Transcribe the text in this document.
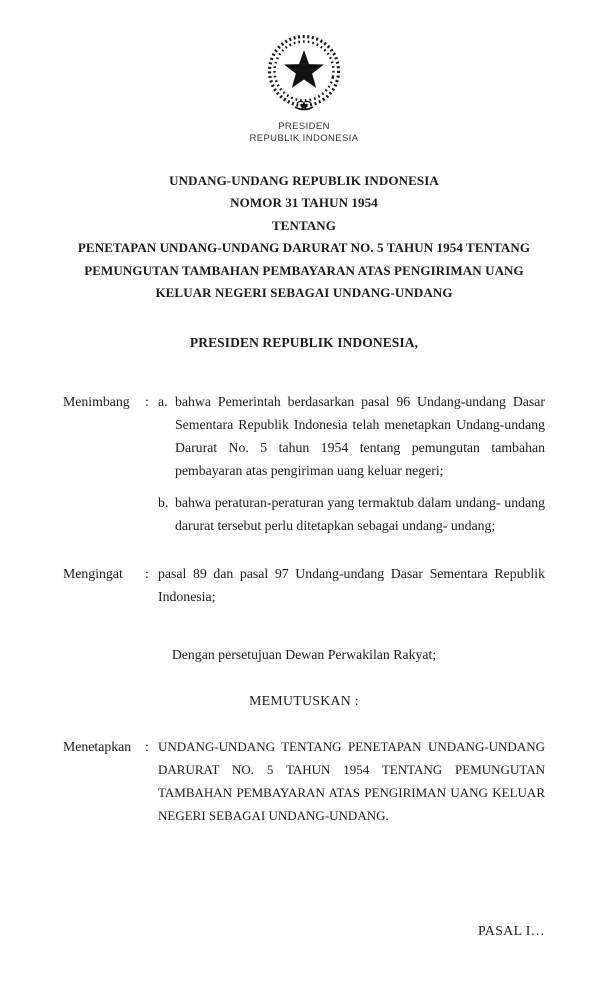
PRESIDEN
REPUBLIK INDONESIA
UNDANG-UNDANG REPUBLIK INDONESIA
NOMOR 31 TAHUN 1954
TENTANG
PENETAPAN UNDANG-UNDANG DARURAT NO. 5 TAHUN 1954 TENTANG
PEMUNGUTAN TAMBAHAN PEMBAYARAN ATAS PENGIRIMAN UANG
KELUAR NEGERI SEBAGAI UNDANG-UNDANG
PRESIDEN REPUBLIK INDONESIA,
Menimbang	: a. bahwa Pemerintah berdasarkan pasal 96 Undang-undang Dasar Sementara Republik Indonesia telah menetapkan Undang-undang Darurat No. 5 tahun 1954 tentang pemungutan tambahan pembayaran atas pengiriman uang keluar negeri;
b. bahwa peraturan-peraturan yang termaktub dalam undang- undang darurat tersebut perlu ditetapkan sebagai undang- undang;
Mengingat	: pasal 89 dan pasal 97 Undang-undang Dasar Sementara Republik Indonesia;
Dengan persetujuan Dewan Perwakilan Rakyat;
MEMUTUSKAN :
Menetapkan : UNDANG-UNDANG TENTANG PENETAPAN UNDANG-UNDANG DARURAT NO. 5 TAHUN 1954 TENTANG PEMUNGUTAN TAMBAHAN PEMBAYARAN ATAS PENGIRIMAN UANG KELUAR NEGERI SEBAGAI UNDANG-UNDANG.
PASAL I…
